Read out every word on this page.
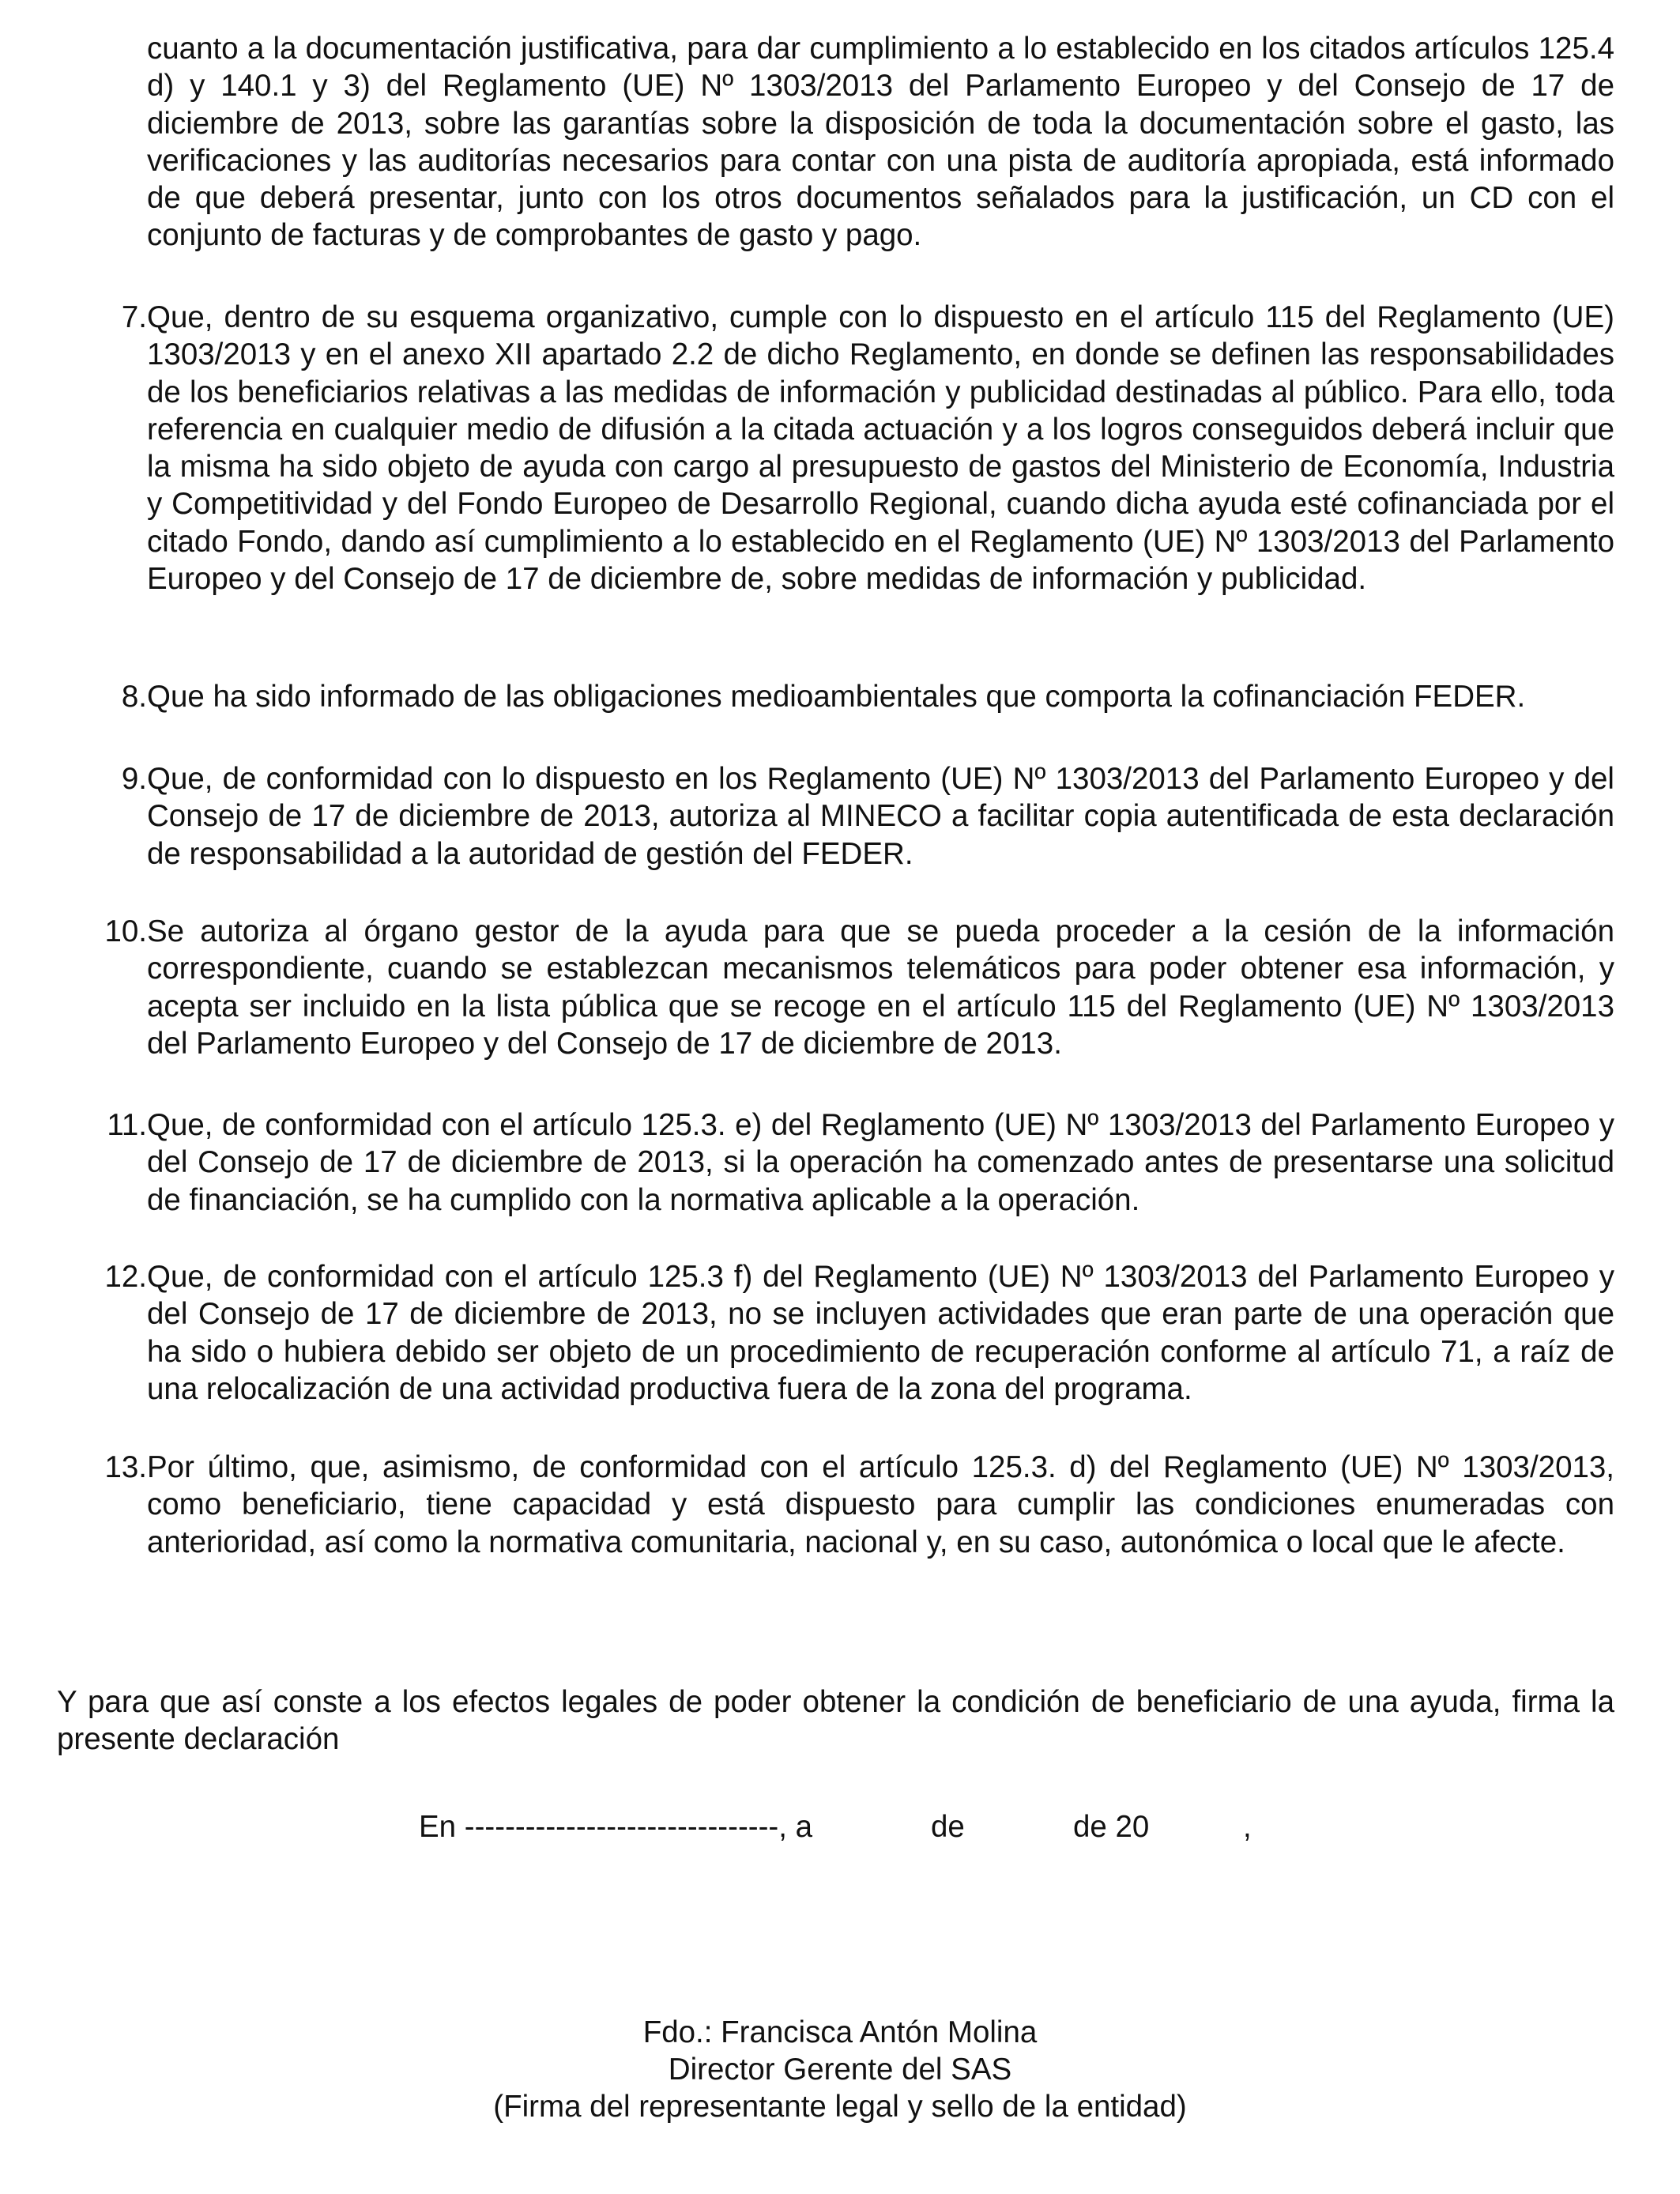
cuanto a la documentación justificativa, para dar cumplimiento a lo establecido en los citados artículos 125.4 d) y 140.1 y 3) del Reglamento (UE) Nº 1303/2013 del Parlamento Europeo y del Consejo de 17 de diciembre de 2013, sobre las garantías sobre la disposición de toda la documentación sobre el gasto, las verificaciones y las auditorías necesarios para contar con una pista de auditoría apropiada, está informado de que deberá presentar, junto con los otros documentos señalados para la justificación, un CD con el conjunto de facturas y de comprobantes de gasto y pago.

7. Que, dentro de su esquema organizativo, cumple con lo dispuesto en el artículo 115 del Reglamento (UE) 1303/2013 y en el anexo XII apartado 2.2 de dicho Reglamento, en donde se definen las responsabilidades de los beneficiarios relativas a las medidas de información y publicidad destinadas al público. Para ello, toda referencia en cualquier medio de difusión a la citada actuación y a los logros conseguidos deberá incluir que la misma ha sido objeto de ayuda con cargo al presupuesto de gastos del Ministerio de Economía, Industria y Competitividad y del Fondo Europeo de Desarrollo Regional, cuando dicha ayuda esté cofinanciada por el citado Fondo, dando así cumplimiento a lo establecido en el Reglamento (UE) Nº 1303/2013 del Parlamento Europeo y del Consejo de 17 de diciembre de, sobre medidas de información y publicidad.
8. Que ha sido informado de las obligaciones medioambientales que comporta la cofinanciación FEDER.
9. Que, de conformidad con lo dispuesto en los Reglamento (UE) Nº 1303/2013 del Parlamento Europeo y del Consejo de 17 de diciembre de 2013, autoriza al MINECO a facilitar copia autentificada de esta declaración de responsabilidad a la autoridad de gestión del FEDER.
10. Se autoriza al órgano gestor de la ayuda para que se pueda proceder a la cesión de la información correspondiente, cuando se establezcan mecanismos telemáticos para poder obtener esa información, y acepta ser incluido en la lista pública que se recoge en el artículo 115 del Reglamento (UE) Nº 1303/2013 del Parlamento Europeo y del Consejo de 17 de diciembre de 2013.
11. Que, de conformidad con el artículo 125.3. e) del Reglamento (UE) Nº 1303/2013 del Parlamento Europeo y del Consejo de 17 de diciembre de 2013, si la operación ha comenzado antes de presentarse una solicitud de financiación, se ha cumplido con la normativa aplicable a la operación.
12. Que, de conformidad con el artículo 125.3 f) del Reglamento (UE) Nº 1303/2013 del Parlamento Europeo y del Consejo de 17 de diciembre de 2013, no se incluyen actividades que eran parte de una operación que ha sido o hubiera debido ser objeto de un procedimiento de recuperación conforme al artículo 71, a raíz de una relocalización de una actividad productiva fuera de la zona del programa.
13. Por último, que, asimismo, de conformidad con el artículo 125.3. d) del Reglamento (UE) Nº 1303/2013, como beneficiario, tiene capacidad y está dispuesto para cumplir las condiciones enumeradas con anterioridad, así como la normativa comunitaria, nacional y, en su caso, autonómica o local que le afecte.

Y para que así conste a los efectos legales de poder obtener la condición de beneficiario de una ayuda, firma la presente declaración

En -------------------------------, a

	de

	de 20

	,

Fdo.: Francisca Antón Molina
Director Gerente del SAS
(Firma del representante legal y sello de la entidad)
